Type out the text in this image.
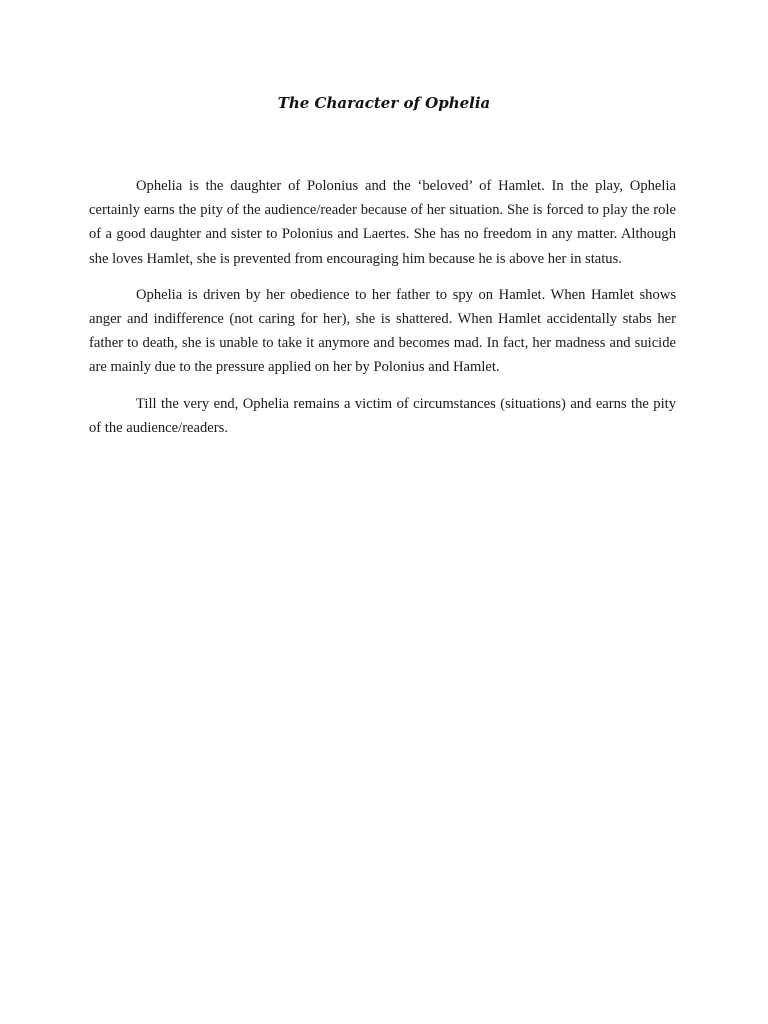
The Character of Ophelia

Ophelia is the daughter of Polonius and the ‘beloved’ of Hamlet. In the play, Ophelia certainly earns the pity of the audience/reader because of her situation. She is forced to play the role of a good daughter and sister to Polonius and Laertes. She has no freedom in any matter. Although she loves Hamlet, she is prevented from encouraging him because he is above her in status.

Ophelia is driven by her obedience to her father to spy on Hamlet. When Hamlet shows anger and indifference (not caring for her), she is shattered. When Hamlet accidentally stabs her father to death, she is unable to take it anymore and becomes mad. In fact, her madness and suicide are mainly due to the pressure applied on her by Polonius and Hamlet.

Till the very end, Ophelia remains a victim of circumstances (situations) and earns the pity of the audience/readers.
